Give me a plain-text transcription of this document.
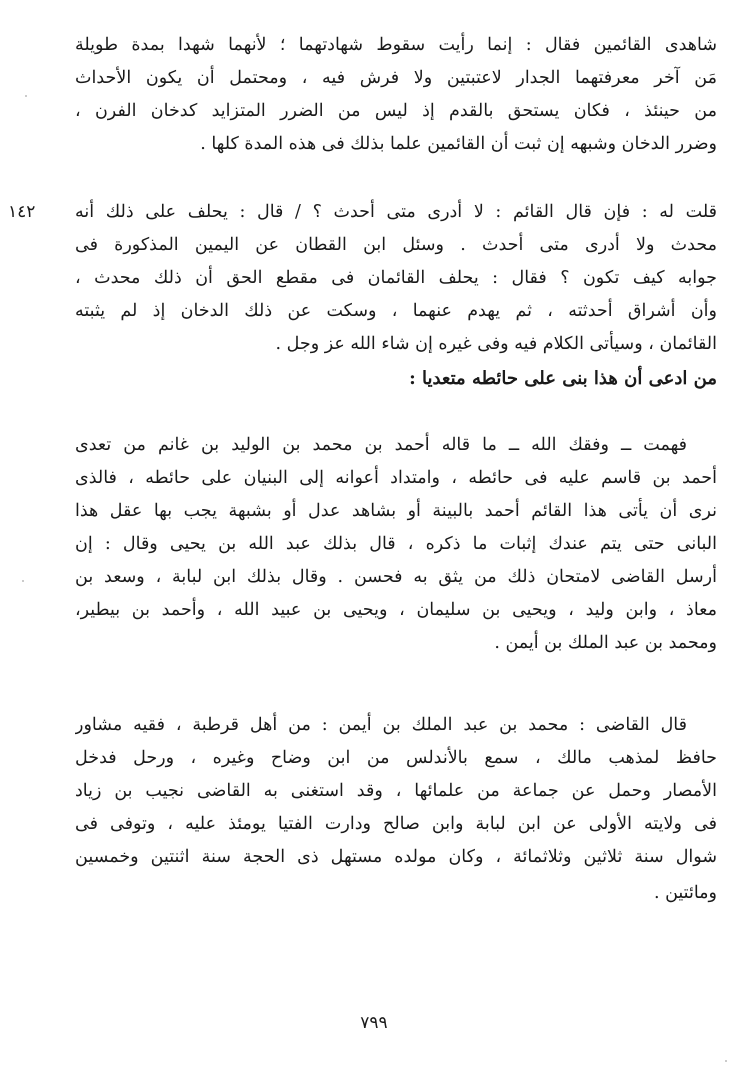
١٤٢
شاهدى القائمين فقال : إنما رأيت سقوط شهادتهما ؛ لأنهما شهدا بمدة طويلة
مَن آخر معرفتهما الجدار لاعتبتين ولا فرش فيه ، ومحتمل أن يكون الأحداث
من حينئذ ، فكان يستحق بالقدم إذ ليس من الضرر المتزايد كدخان الفرن ،
وضرر الدخان وشبهه إن ثبت أن القائمين علما بذلك فى هذه المدة كلها .
قلت له : فإن قال القائم : لا أدرى متى أحدث ؟ / قال : يحلف على ذلك أنه
محدث ولا أدرى متى أحدث . وسئل ابن القطان عن اليمين المذكورة فى
جوابه كيف تكون ؟ فقال : يحلف القائمان فى مقطع الحق أن ذلك محدث ،
وأن أشراق أحدثته ، ثم يهدم عنهما ، وسكت عن ذلك الدخان إذ لم يثبته
القائمان ، وسيأتى الكلام فيه وفى غيره إن شاء الله عز وجل .
من ادعى أن هذا بنى على حائطه متعديا :
فهمت ــ وفقك الله ــ ما قاله أحمد بن محمد بن الوليد بن غانم من تعدى
أحمد بن قاسم عليه فى حائطه ، وامتداد أعوانه إلى البنيان على حائطه ، فالذى
نرى أن يأتى هذا القائم أحمد بالبينة أو بشاهد عدل أو بشبهة يجب بها عقل هذا
البانى حتى يتم عندك إثبات ما ذكره ، قال بذلك عبد الله بن يحيى وقال : إن
أرسل القاضى لامتحان ذلك من يثق به فحسن . وقال بذلك ابن لبابة ، وسعد بن
معاذ ، وابن وليد ، ويحيى بن سليمان ، ويحيى بن عبيد الله ، وأحمد بن بيطير،
ومحمد بن عبد الملك بن أيمن .
قال القاضى : محمد بن عبد الملك بن أيمن : من أهل قرطبة ، فقيه مشاور
حافظ لمذهب مالك ، سمع بالأندلس من ابن وضاح وغيره ، ورحل فدخل
الأمصار وحمل عن جماعة من علمائها ، وقد استغنى به القاضى نجيب بن زياد
فى ولايته الأولى عن ابن لبابة وابن صالح ودارت الفتيا يومئذ عليه ، وتوفى فى
شوال سنة ثلاثين وثلاثمائة ، وكان مولده مستهل ذى الحجة سنة اثنتين وخمسين
ومائتين .
٧٩٩
